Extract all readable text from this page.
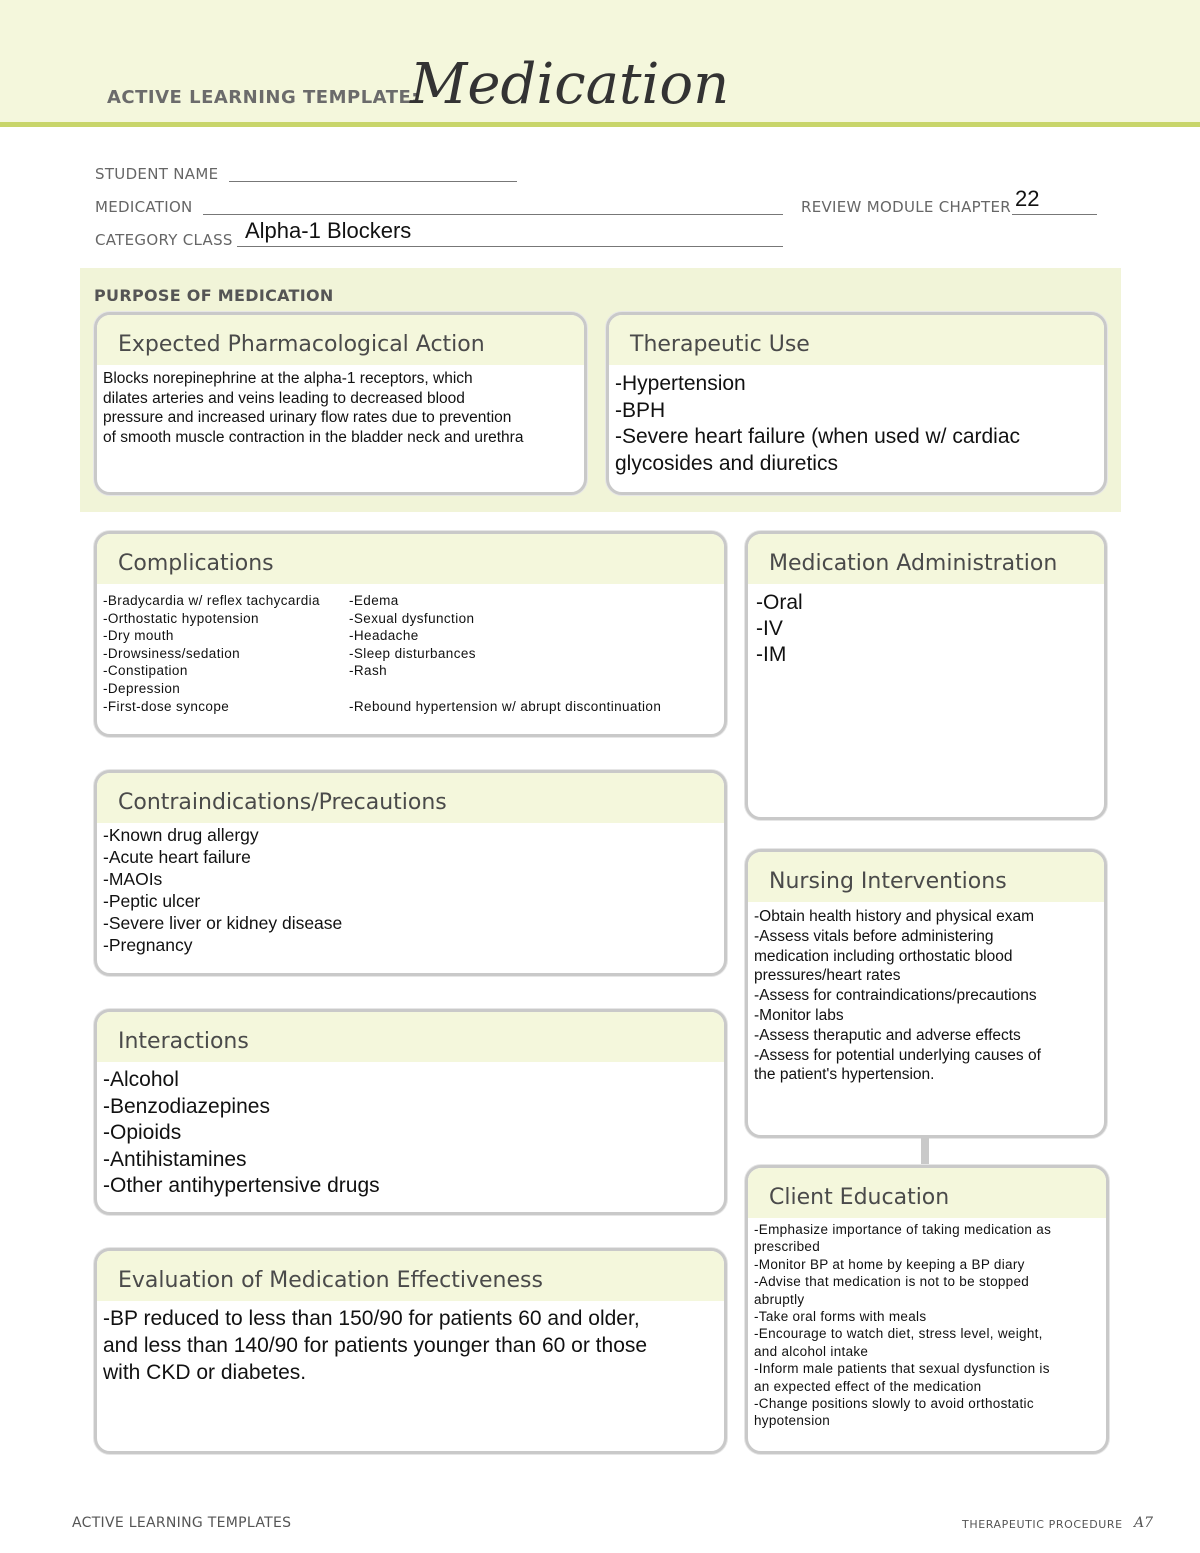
ACTIVE LEARNING TEMPLATE:
Medication
STUDENT NAME
MEDICATION	REVIEW MODULE CHAPTER 22
CATEGORY CLASS Alpha-1 Blockers
PURPOSE OF MEDICATION
Expected Pharmacological Action
Blocks norepinephrine at the alpha-1 receptors, which
dilates arteries and veins leading to decreased blood
pressure and increased urinary flow rates due to prevention
of smooth muscle contraction in the bladder neck and urethra
Therapeutic Use
-Hypertension
-BPH
-Severe heart failure (when used w/ cardiac
glycosides and diuretics
Complications
-Bradycardia w/ reflex tachycardia
-Orthostatic hypotension
-Dry mouth
-Drowsiness/sedation
-Constipation
-Depression
-First-dose syncope
-Edema
-Sexual dysfunction
-Headache
-Sleep disturbances
-Rash

-Rebound hypertension w/ abrupt discontinuation
Medication Administration
-Oral
-IV
-IM
Contraindications/Precautions
-Known drug allergy
-Acute heart failure
-MAOIs
-Peptic ulcer
-Severe liver or kidney disease
-Pregnancy
Nursing Interventions
-Obtain health history and physical exam
-Assess vitals before administering
medication including orthostatic blood
pressures/heart rates
-Assess for contraindications/precautions
-Monitor labs
-Assess theraputic and adverse effects
-Assess for potential underlying causes of
the patient's hypertension.
Interactions
-Alcohol
-Benzodiazepines
-Opioids
-Antihistamines
-Other antihypertensive drugs	Client Education
-Emphasize importance of taking medication as
prescribed
-Monitor BP at home by keeping a BP diary
-Advise that medication is not to be stopped
abruptly
-Take oral forms with meals
-Encourage to watch diet, stress level, weight,
and alcohol intake
-Inform male patients that sexual dysfunction is
an expected effect of the medication
-Change positions slowly to avoid orthostatic
hypotension
Evaluation of Medication Effectiveness
-BP reduced to less than 150/90 for patients 60 and older,
and less than 140/90 for patients younger than 60 or those
with CKD or diabetes.
ACTIVE LEARNING TEMPLATES	THERAPEUTIC PROCEDURE A7
